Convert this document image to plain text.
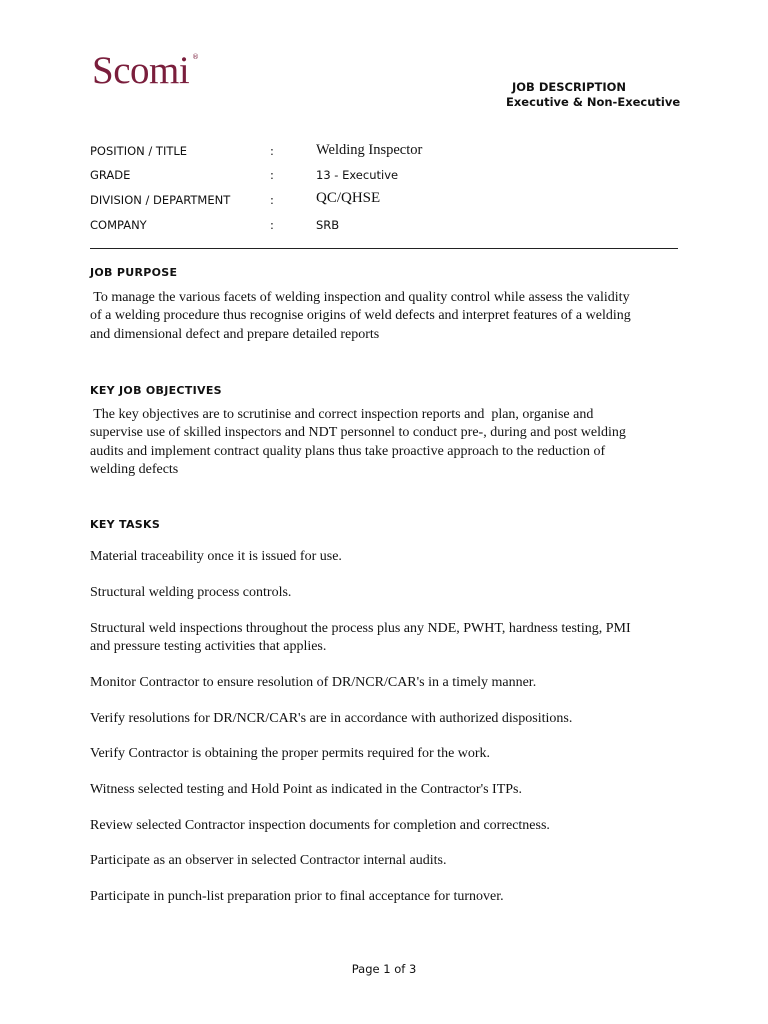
Scomi ®
JOB DESCRIPTION
Executive & Non-Executive
POSITION / TITLE	:	Welding Inspector
GRADE	:	13 - Executive
DIVISION / DEPARTMENT	:	QC/QHSE
COMPANY	:	SRB
JOB PURPOSE
To manage the various facets of welding inspection and quality control while assess the validity
of a welding procedure thus recognise origins of weld defects and interpret features of a welding
and dimensional defect and prepare detailed reports
KEY JOB OBJECTIVES
The key objectives are to scrutinise and correct inspection reports and  plan, organise and
supervise use of skilled inspectors and NDT personnel to conduct pre-, during and post welding
audits and implement contract quality plans thus take proactive approach to the reduction of
welding defects
KEY TASKS
Material traceability once it is issued for use.
Structural welding process controls.
Structural weld inspections throughout the process plus any NDE, PWHT, hardness testing, PMI
and pressure testing activities that applies.
Monitor Contractor to ensure resolution of DR/NCR/CAR's in a timely manner.
Verify resolutions for DR/NCR/CAR's are in accordance with authorized dispositions.
Verify Contractor is obtaining the proper permits required for the work.
Witness selected testing and Hold Point as indicated in the Contractor's ITPs.
Review selected Contractor inspection documents for completion and correctness.
Participate as an observer in selected Contractor internal audits.
Participate in punch-list preparation prior to final acceptance for turnover.
Page 1 of 3
